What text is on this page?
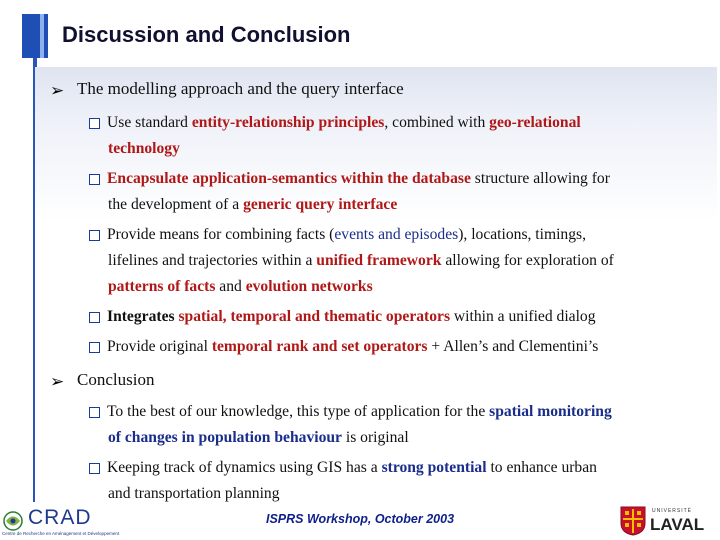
Discussion and Conclusion
➢ The modelling approach and the query interface
Use standard entity-relationship principles, combined with geo-relational
technology
Encapsulate application-semantics within the database structure allowing for
the development of a generic query interface
Provide means for combining facts (events and episodes), locations, timings,
lifelines and trajectories within a unified framework allowing for exploration of
patterns of facts and evolution networks
Integrates spatial, temporal and thematic operators within a unified dialog
Provide original temporal rank and set operators + Allen’s and Clementini’s
➢ Conclusion
To the best of our knowledge, this type of application for the spatial monitoring
of changes in population behaviour is original
Keeping track of dynamics using GIS has a strong potential to enhance urban
and transportation planning
CRAD
Centre de Recherche en Aménagement et Développement
ISPRS Workshop, October 2003
UNIVERSITÉ
LAVAL
